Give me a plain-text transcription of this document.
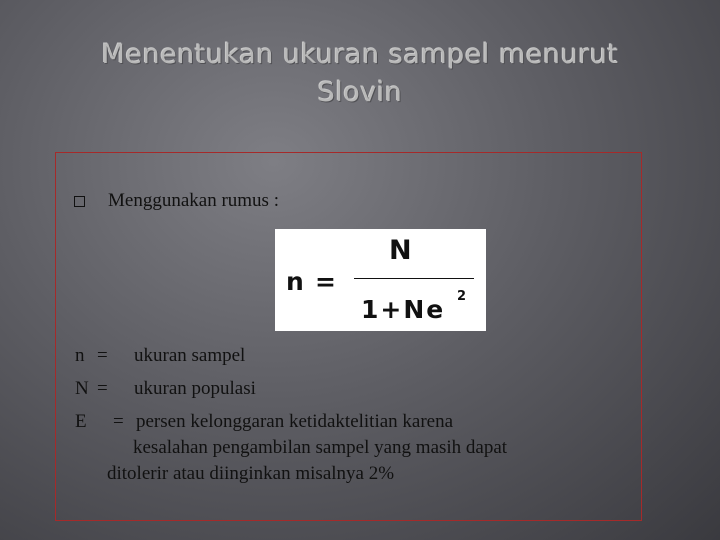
Menentukan ukuran sampel menurut
Slovin
Menggunakan rumus :
n =
N
1+Ne 2
n = ukuran sampel
N = ukuran populasi
E = persen kelonggaran ketidaktelitian karena
kesalahan pengambilan sampel yang masih dapat
ditolerir atau diinginkan misalnya 2%
